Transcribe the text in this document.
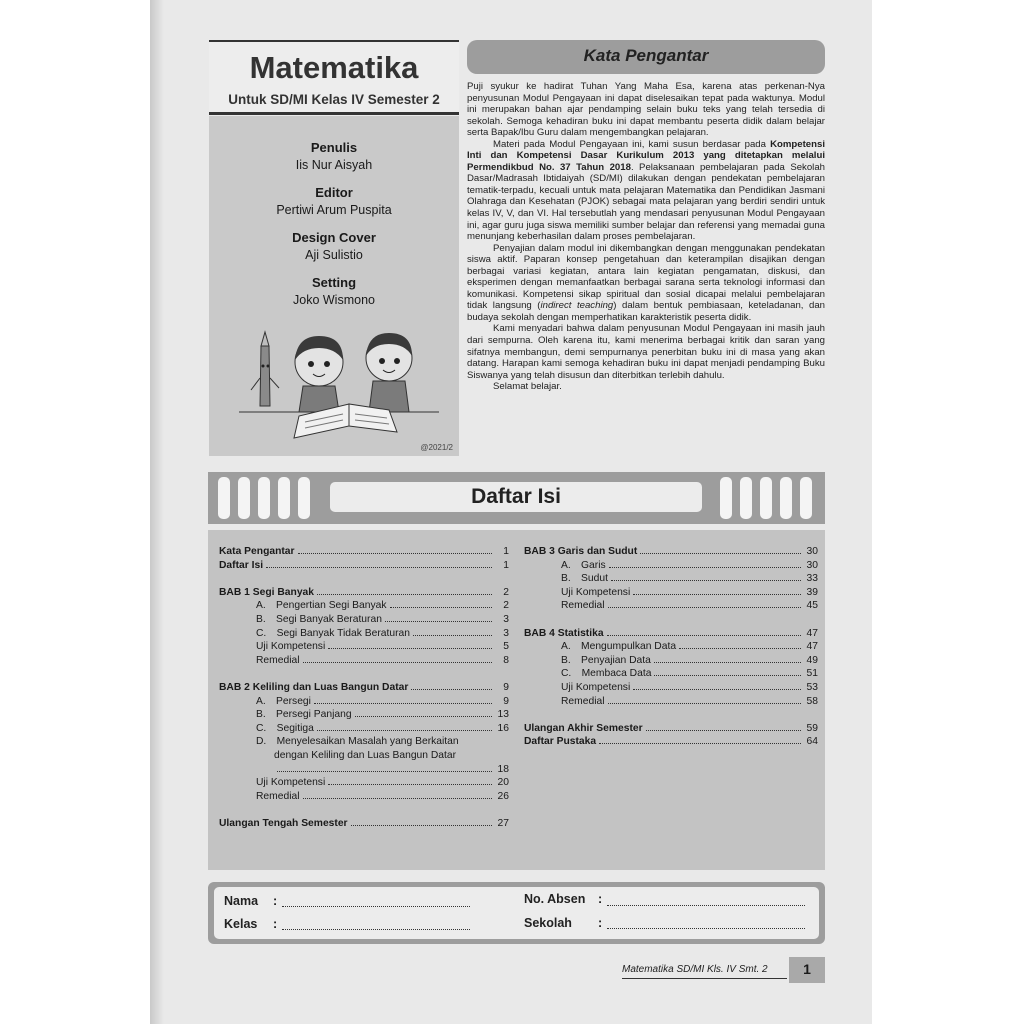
Matematika
Untuk SD/MI Kelas IV Semester 2
Penulis
Iis Nur Aisyah
Editor
Pertiwi Arum Puspita
Design Cover
Aji Sulistio
Setting
Joko Wismono
@2021/2
Kata Pengantar

Puji syukur ke hadirat Tuhan Yang Maha Esa, karena atas perkenan-Nya penyusunan Modul Pengayaan ini dapat diselesaikan tepat pada waktunya. Modul ini merupakan bahan ajar pendamping selain buku teks yang telah tersedia di sekolah. Semoga kehadiran buku ini dapat membantu peserta didik dalam belajar serta Bapak/Ibu Guru dalam mengembangkan pelajaran.

Materi pada Modul Pengayaan ini, kami susun berdasar pada Kompetensi Inti dan Kompetensi Dasar Kurikulum 2013 yang ditetapkan melalui Permendikbud No. 37 Tahun 2018. Pelaksanaan pembelajaran pada Sekolah Dasar/Madrasah Ibtidaiyah (SD/MI) dilakukan dengan pendekatan pembelajaran tematik-terpadu, kecuali untuk mata pelajaran Matematika dan Pendidikan Jasmani Olahraga dan Kesehatan (PJOK) sebagai mata pelajaran yang berdiri sendiri untuk kelas IV, V, dan VI. Hal tersebutlah yang mendasari penyusunan Modul Pengayaan ini, agar guru juga siswa memiliki sumber belajar dan referensi yang memadai guna menunjang keberhasilan dalam proses pembelajaran.

Penyajian dalam modul ini dikembangkan dengan menggunakan pendekatan siswa aktif. Paparan konsep pengetahuan dan keterampilan disajikan dengan berbagai variasi kegiatan, antara lain kegiatan pengamatan, diskusi, dan eksperimen dengan memanfaatkan berbagai sarana serta teknologi informasi dan komunikasi. Kompetensi sikap spiritual dan sosial dicapai melalui pembelajaran tidak langsung (indirect teaching) dalam bentuk pembiasaan, keteladanan, dan budaya sekolah dengan memperhatikan karakteristik peserta didik.

Kami menyadari bahwa dalam penyusunan Modul Pengayaan ini masih jauh dari sempurna. Oleh karena itu, kami menerima berbagai kritik dan saran yang sifatnya membangun, demi sempurnanya penerbitan buku ini di masa yang akan datang. Harapan kami semoga kehadiran buku ini dapat menjadi pendamping Buku Siswanya yang telah disusun dan diterbitkan terlebih dahulu.

Selamat belajar.

Daftar Isi
Kata Pengantar	1
Daftar Isi	1
BAB 1 Segi Banyak	2
A. Pengertian Segi Banyak	2
B. Segi Banyak Beraturan	3
C. Segi Banyak Tidak Beraturan	3
Uji Kompetensi	5
Remedial	8
BAB 2 Keliling dan Luas Bangun Datar	9
A. Persegi	9
B. Persegi Panjang	13
C. Segitiga	16
D. Menyelesaikan Masalah yang Berkaitan
dengan Keliling dan Luas Bangun Datar
18
Uji Kompetensi	20
Remedial	26
Ulangan Tengah Semester	27
BAB 3 Garis dan Sudut	30
A. Garis	30
B. Sudut	33
Uji Kompetensi	39
Remedial	45
BAB 4 Statistika	47
A. Mengumpulkan Data	47
B. Penyajian Data	49
C. Membaca Data	51
Uji Kompetensi	53
Remedial	58
Ulangan Akhir Semester	59
Daftar Pustaka	64
Nama :
Kelas :
No. Absen :
Sekolah :
Matematika SD/MI Kls. IV Smt. 2	1
